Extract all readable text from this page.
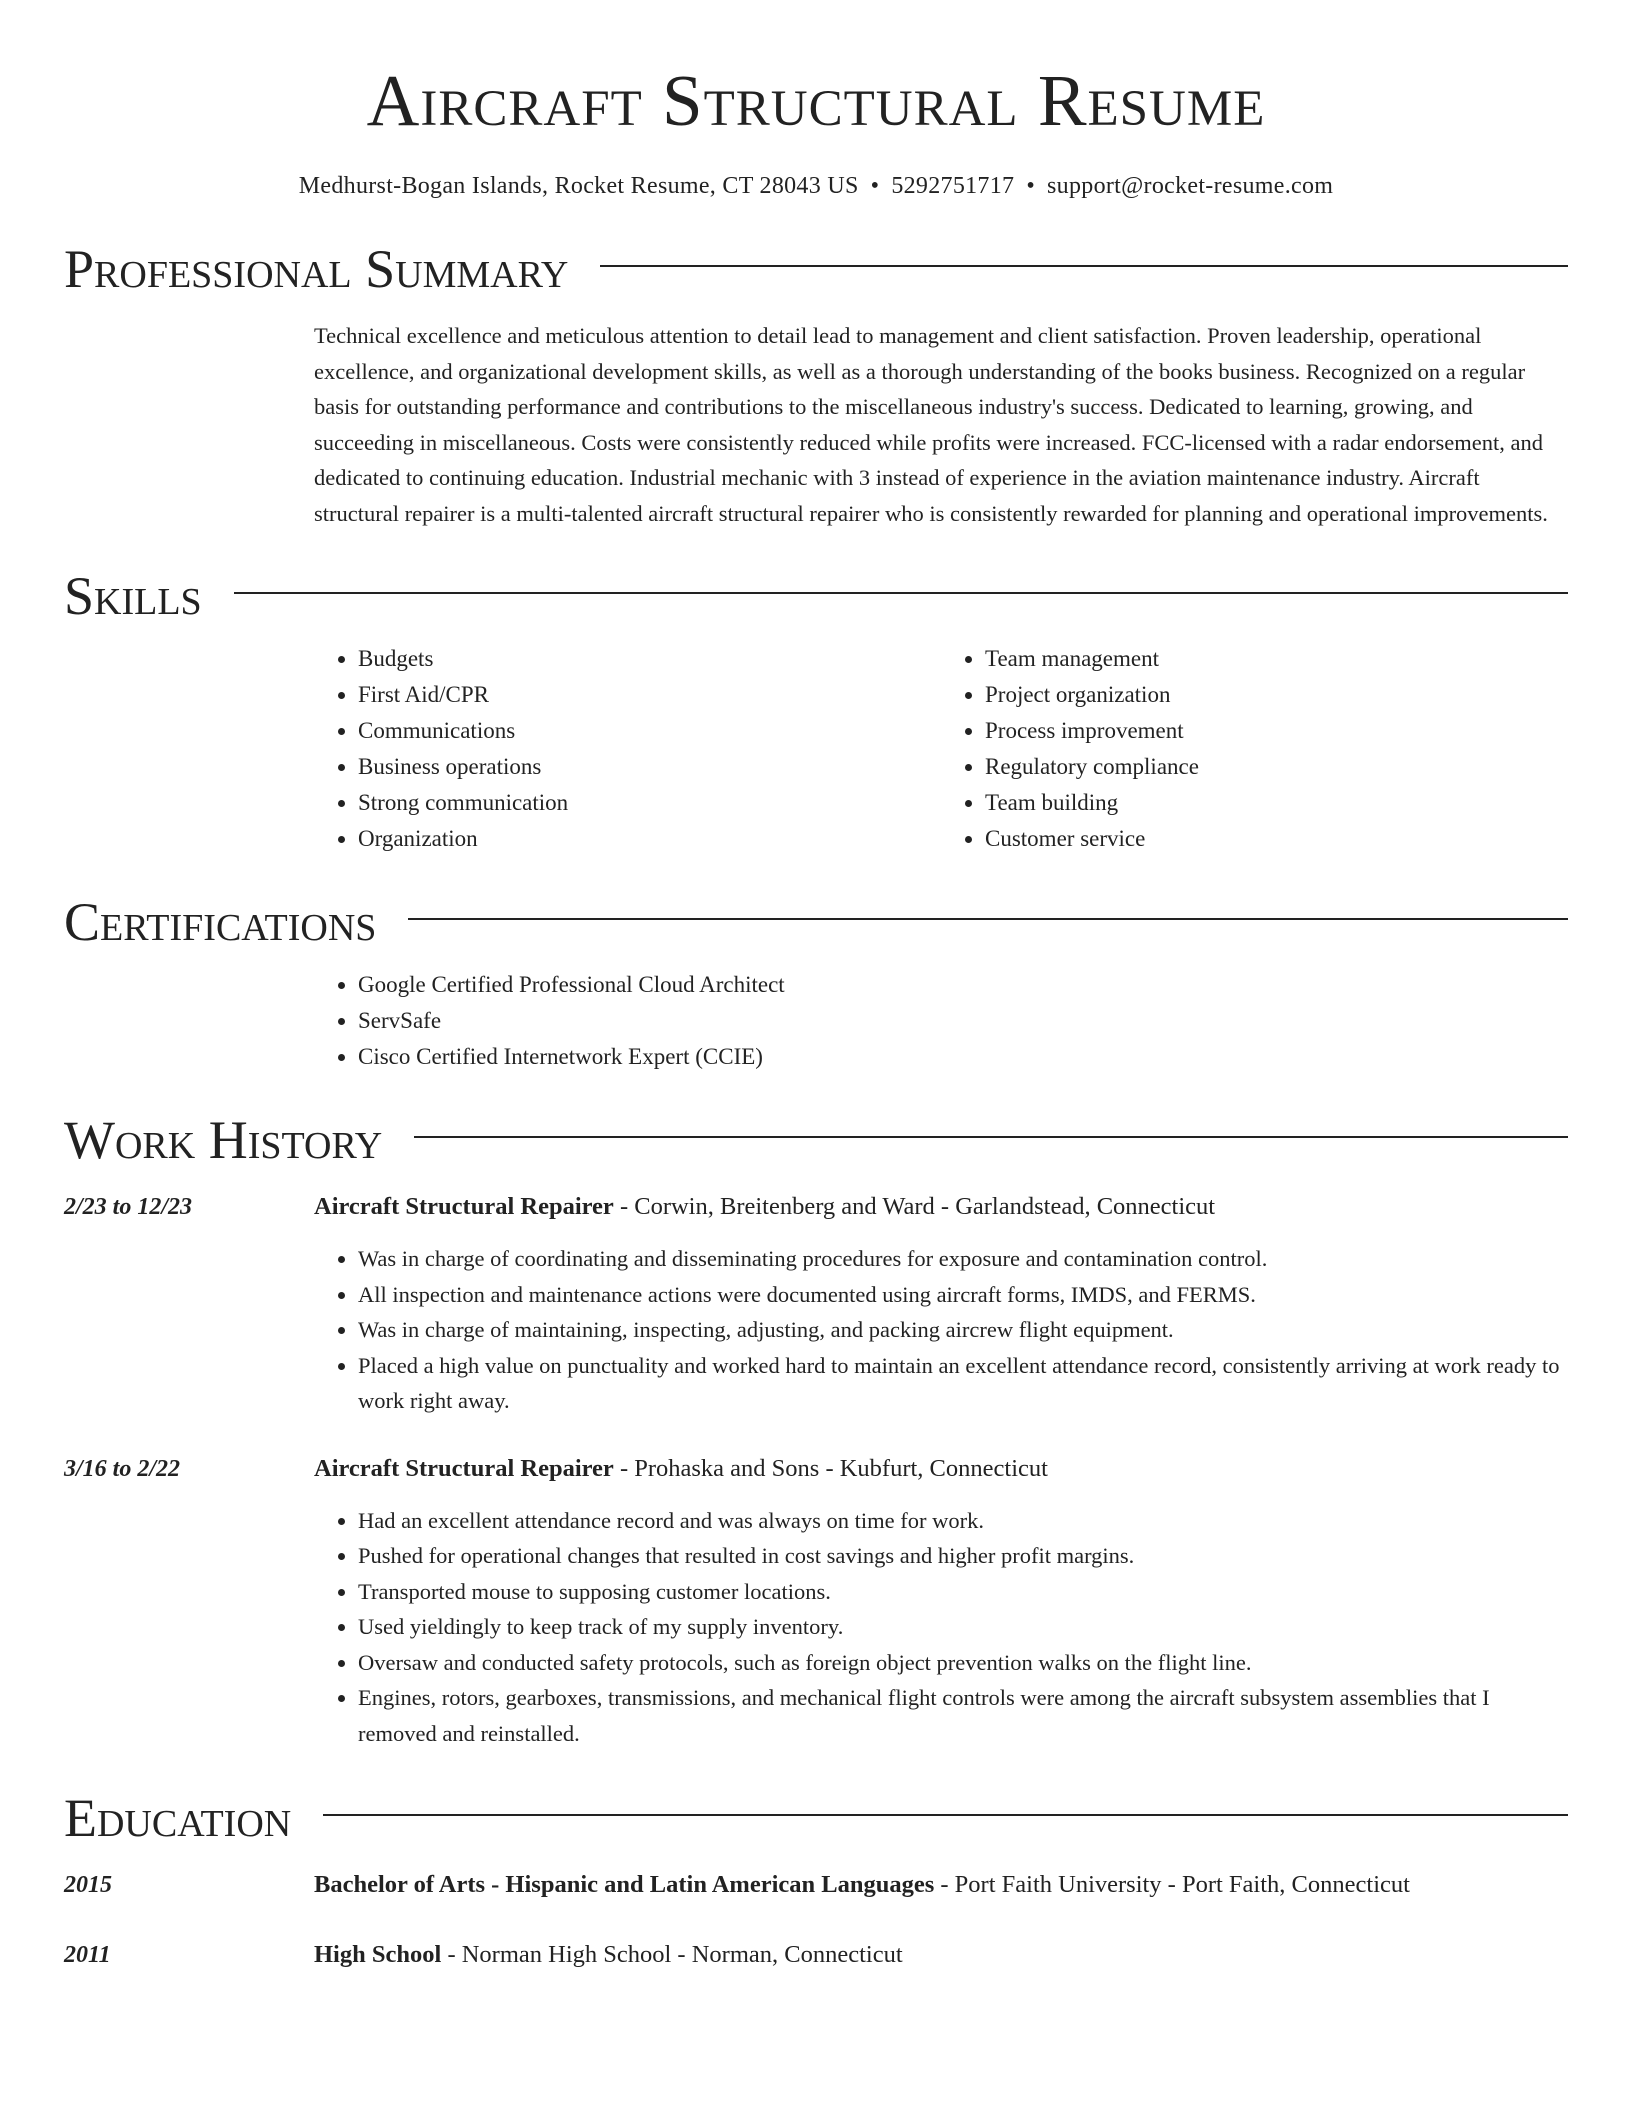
Aircraft Structural Resume
Medhurst-Bogan Islands, Rocket Resume, CT 28043 US • 5292751717 • support@rocket-resume.com
Professional Summary
Technical excellence and meticulous attention to detail lead to management and client satisfaction. Proven leadership, operational excellence, and organizational development skills, as well as a thorough understanding of the books business. Recognized on a regular basis for outstanding performance and contributions to the miscellaneous industry's success. Dedicated to learning, growing, and succeeding in miscellaneous. Costs were consistently reduced while profits were increased. FCC-licensed with a radar endorsement, and dedicated to continuing education. Industrial mechanic with 3 instead of experience in the aviation maintenance industry. Aircraft structural repairer is a multi-talented aircraft structural repairer who is consistently rewarded for planning and operational improvements.
Skills
• Budgets
• First Aid/CPR
• Communications
• Business operations
• Strong communication
• Organization
• Team management
• Project organization
• Process improvement
• Regulatory compliance
• Team building
• Customer service
Certifications
• Google Certified Professional Cloud Architect
• ServSafe
• Cisco Certified Internetwork Expert (CCIE)
Work History
2/23 to 12/23	Aircraft Structural Repairer - Corwin, Breitenberg and Ward - Garlandstead, Connecticut
• Was in charge of coordinating and disseminating procedures for exposure and contamination control.
• All inspection and maintenance actions were documented using aircraft forms, IMDS, and FERMS.
• Was in charge of maintaining, inspecting, adjusting, and packing aircrew flight equipment.
• Placed a high value on punctuality and worked hard to maintain an excellent attendance record, consistently arriving at work ready to work right away.
3/16 to 2/22	Aircraft Structural Repairer - Prohaska and Sons - Kubfurt, Connecticut
• Had an excellent attendance record and was always on time for work.
• Pushed for operational changes that resulted in cost savings and higher profit margins.
• Transported mouse to supposing customer locations.
• Used yieldingly to keep track of my supply inventory.
• Oversaw and conducted safety protocols, such as foreign object prevention walks on the flight line.
• Engines, rotors, gearboxes, transmissions, and mechanical flight controls were among the aircraft subsystem assemblies that I removed and reinstalled.
Education
2015	Bachelor of Arts - Hispanic and Latin American Languages - Port Faith University - Port Faith, Connecticut
2011	High School - Norman High School - Norman, Connecticut
